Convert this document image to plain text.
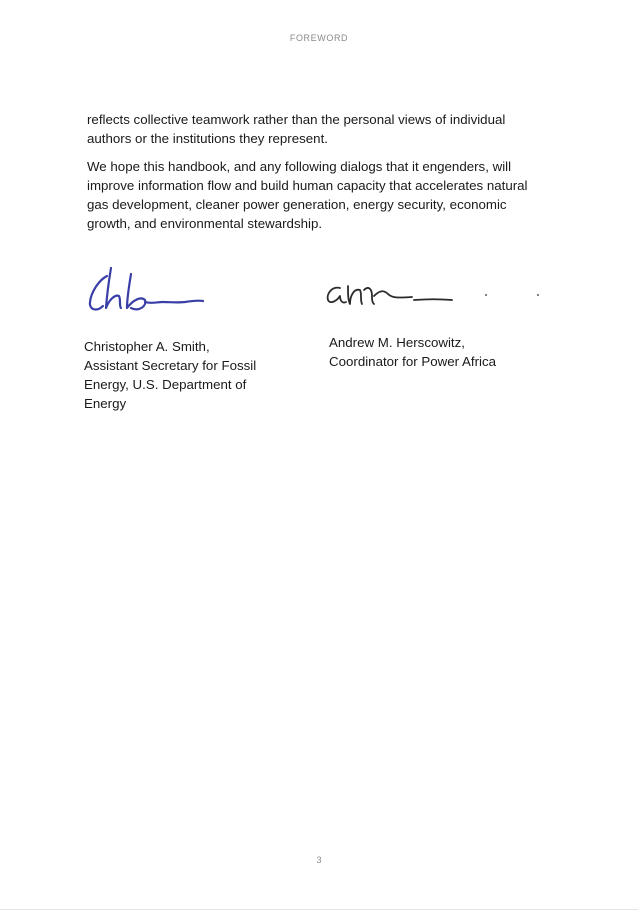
FOREWORD

reflects collective teamwork rather than the personal views of individual authors or the institutions they represent.

We hope this handbook, and any following dialogs that it engenders, will improve information flow and build human capacity that accelerates natural gas development, cleaner power generation, energy security, economic growth, and environmental stewardship.

Christopher A. Smith,
Assistant Secretary for Fossil Energy, U.S. Department of Energy
Andrew M. Herscowitz,
Coordinator for Power Africa
3
